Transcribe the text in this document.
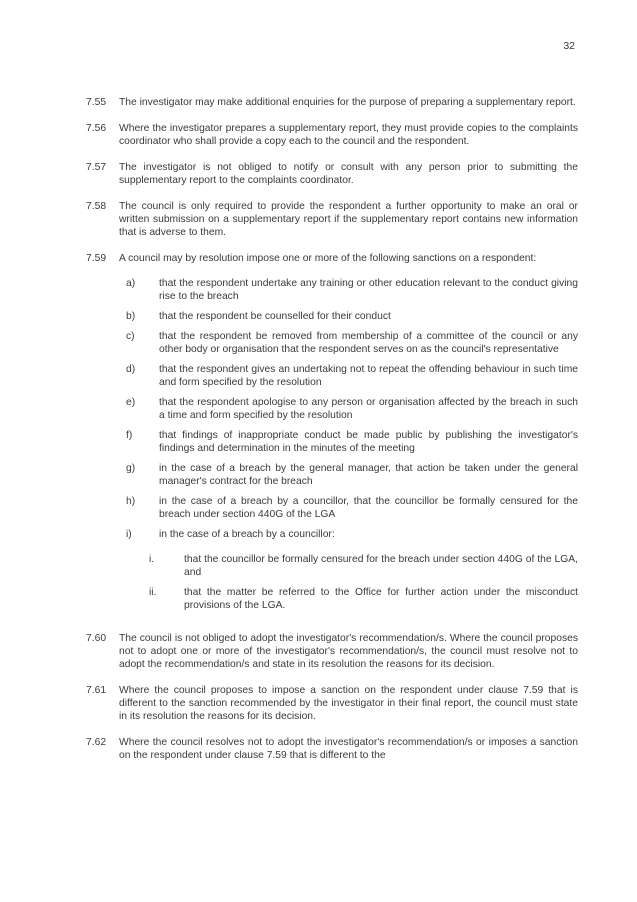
32
7.55	The investigator may make additional enquiries for the purpose of preparing a supplementary report.
7.56	Where the investigator prepares a supplementary report, they must provide copies to the complaints coordinator who shall provide a copy each to the council and the respondent.
7.57	The investigator is not obliged to notify or consult with any person prior to submitting the supplementary report to the complaints coordinator.
7.58	The council is only required to provide the respondent a further opportunity to make an oral or written submission on a supplementary report if the supplementary report contains new information that is adverse to them.
7.59	A council may by resolution impose one or more of the following sanctions on a respondent:
a)	that the respondent undertake any training or other education relevant to the conduct giving rise to the breach
b)	that the respondent be counselled for their conduct
c)	that the respondent be removed from membership of a committee of the council or any other body or organisation that the respondent serves on as the council's representative
d)	that the respondent gives an undertaking not to repeat the offending behaviour in such time and form specified by the resolution
e)	that the respondent apologise to any person or organisation affected by the breach in such a time and form specified by the resolution
f)	that findings of inappropriate conduct be made public by publishing the investigator's findings and determination in the minutes of the meeting
g)	in the case of a breach by the general manager, that action be taken under the general manager's contract for the breach
h)	in the case of a breach by a councillor, that the councillor be formally censured for the breach under section 440G of the LGA
i)	in the case of a breach by a councillor:
i.	that the councillor be formally censured for the breach under section 440G of the LGA, and
ii.	that the matter be referred to the Office for further action under the misconduct provisions of the LGA.
7.60	The council is not obliged to adopt the investigator's recommendation/s. Where the council proposes not to adopt one or more of the investigator's recommendation/s, the council must resolve not to adopt the recommendation/s and state in its resolution the reasons for its decision.
7.61	Where the council proposes to impose a sanction on the respondent under clause 7.59 that is different to the sanction recommended by the investigator in their final report, the council must state in its resolution the reasons for its decision.
7.62	Where the council resolves not to adopt the investigator's recommendation/s or imposes a sanction on the respondent under clause 7.59 that is different to the
